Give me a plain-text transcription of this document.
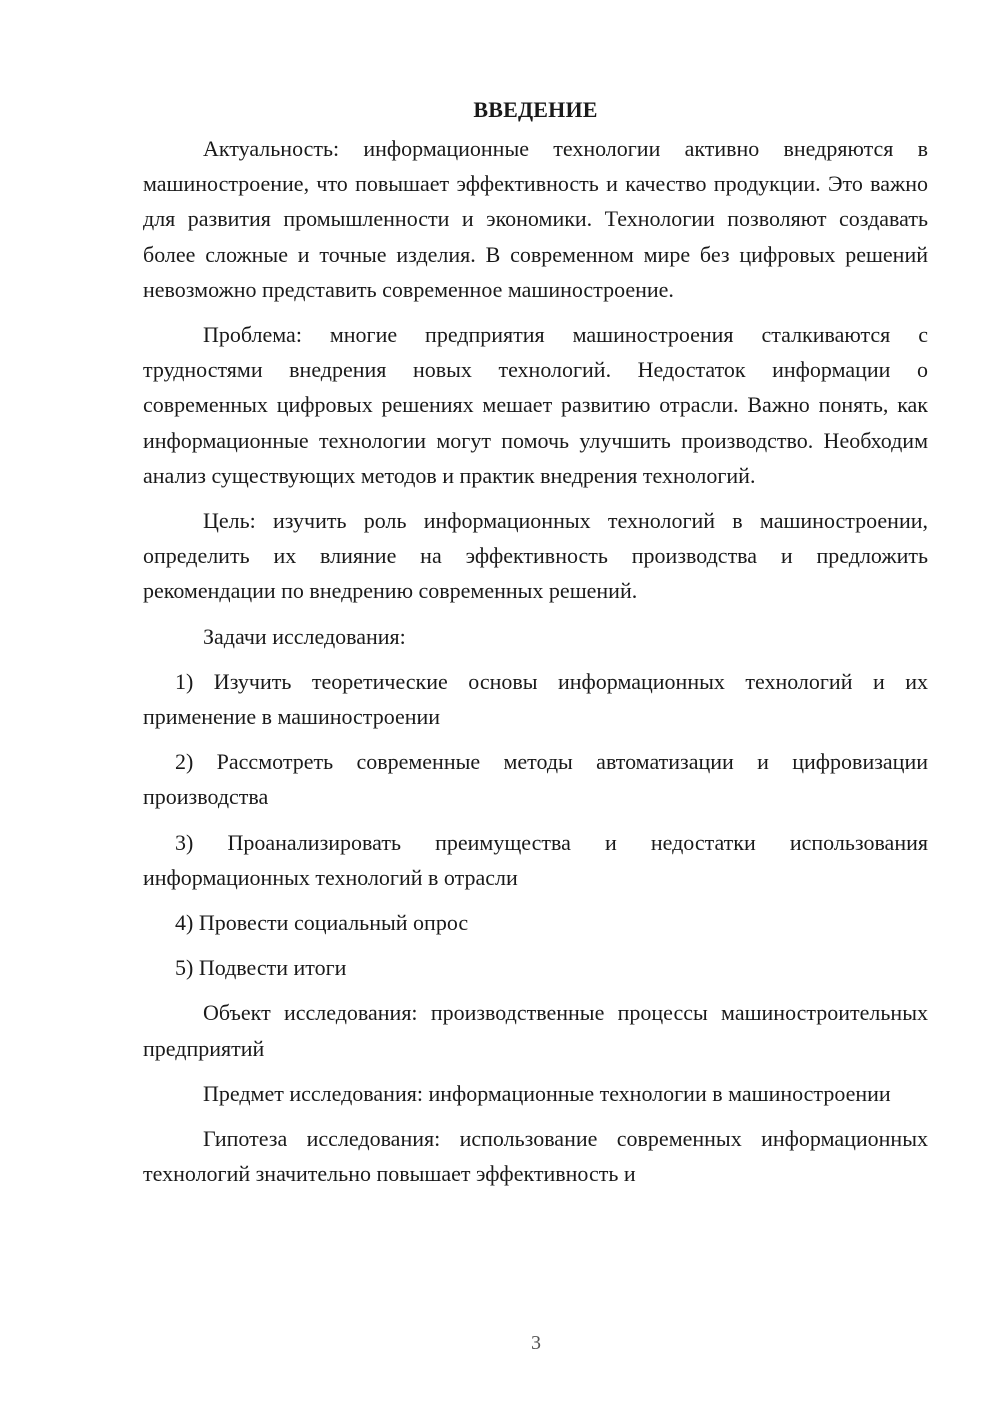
ВВЕДЕНИЕ

Актуальность: информационные технологии активно внедряются в машиностроение, что повышает эффективность и качество продукции. Это важно для развития промышленности и экономики. Технологии позволяют создавать более сложные и точные изделия. В современном мире без цифровых решений невозможно представить современное машиностроение.

Проблема: многие предприятия машиностроения сталкиваются с трудностями внедрения новых технологий. Недостаток информации о современных цифровых решениях мешает развитию отрасли. Важно понять, как информационные технологии могут помочь улучшить производство. Необходим анализ существующих методов и практик внедрения технологий.

Цель: изучить роль информационных технологий в машиностроении, определить их влияние на эффективность производства и предложить рекомендации по внедрению современных решений.

Задачи исследования:

1) Изучить теоретические основы информационных технологий и их применение в машиностроении

2) Рассмотреть современные методы автоматизации и цифровизации производства

3) Проанализировать преимущества и недостатки использования информационных технологий в отрасли

4) Провести социальный опрос

5) Подвести итоги

Объект исследования: производственные процессы машиностроительных предприятий

Предмет исследования: информационные технологии в машиностроении

Гипотеза исследования: использование современных информационных технологий значительно повышает эффективность и

3
